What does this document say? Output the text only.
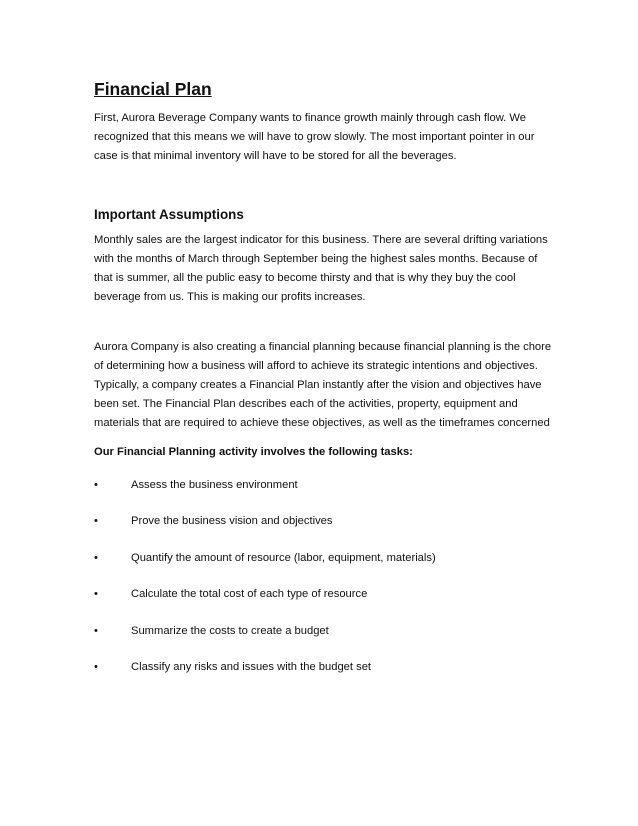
Financial Plan

First, Aurora Beverage Company wants to finance growth mainly through cash flow. We recognized that this means we will have to grow slowly. The most important pointer in our case is that minimal inventory will have to be stored for all the beverages.

Important Assumptions

Monthly sales are the largest indicator for this business. There are several drifting variations with the months of March through September being the highest sales months. Because of that is summer, all the public easy to become thirsty and that is why they buy the cool beverage from us. This is making our profits increases.

Aurora Company is also creating a financial planning because financial planning is the chore of determining how a business will afford to achieve its strategic intentions and objectives. Typically, a company creates a Financial Plan instantly after the vision and objectives have been set. The Financial Plan describes each of the activities, property, equipment and materials that are required to achieve these objectives, as well as the timeframes concerned

Our Financial Planning activity involves the following tasks:

•	Assess the business environment
•	Prove the business vision and objectives
•	Quantify the amount of resource (labor, equipment, materials)
•	Calculate the total cost of each type of resource
•	Summarize the costs to create a budget
•	Classify any risks and issues with the budget set
